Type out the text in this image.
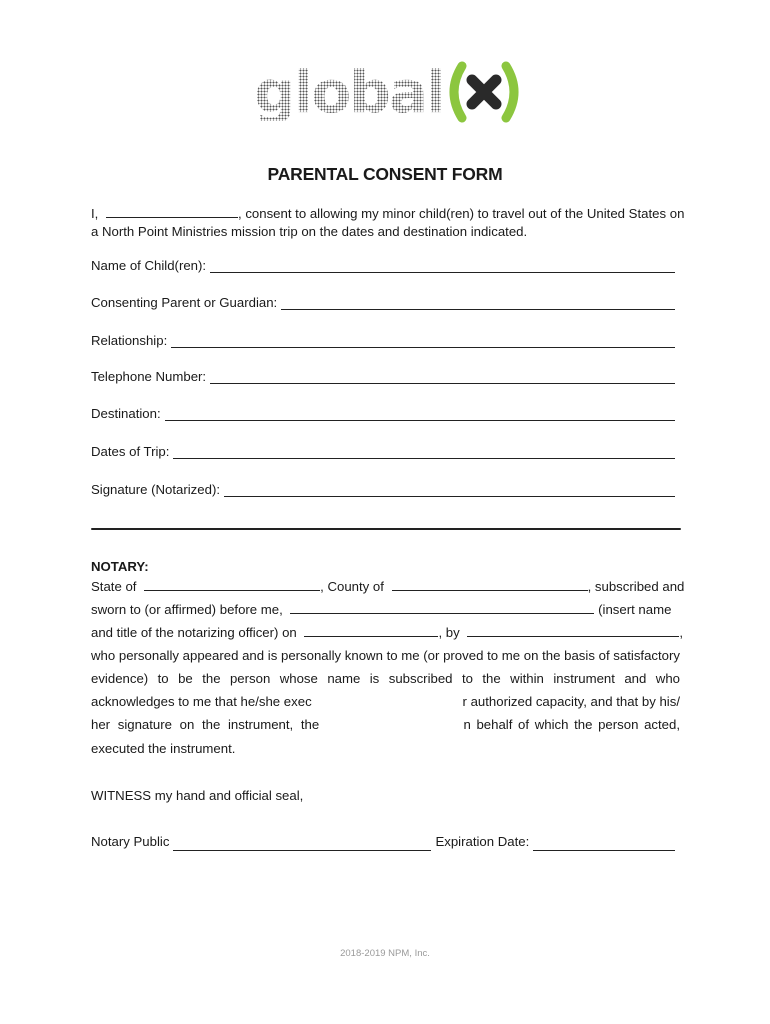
global
PARENTAL CONSENT FORM
I,	, consent to allowing my minor child(ren) to travel out of the United States on
a North Point Ministries mission trip on the dates and destination indicated.
Name of Child(ren):
Consenting Parent or Guardian:
Relationship:
Telephone Number:
Destination:
Dates of Trip:
Signature (Notarized):
NOTARY:
State of	, County of	, subscribed and
sworn to (or affirmed) before me,	(insert name
and title of the notarizing officer) on	, by	,
who personally appeared and is personally known to me (or proved to me on the basis of satisfactory
evidence) to be the person whose name is subscribed to the within instrument and who
acknowledges to me that he/she exec	r authorized capacity, and that by his/
her signature on the instrument, the	n behalf of which the person acted,
executed the instrument.
WITNESS my hand and official seal,
Notary Public	Expiration Date:
2018-2019 NPM, Inc.
